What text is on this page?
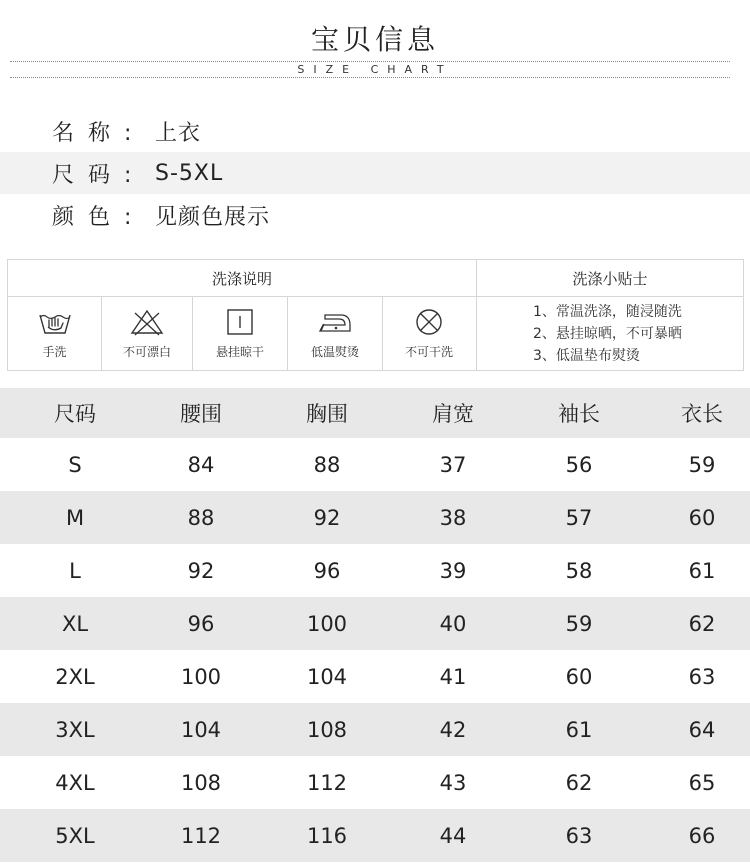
宝贝信息
SIZE CHART
名称: 上衣
尺码: S-5XL
颜色: 见颜色展示
洗涤说明
手洗	不可漂白	悬挂晾干	低温熨烫	不可干洗
洗涤小贴士
1、常温洗涤，随浸随洗
2、悬挂晾晒，不可暴晒
3、低温垫布熨烫
尺码	腰围	胸围	肩宽	袖长	衣长
S	84	88	37	56	59
M	88	92	38	57	60
L	92	96	39	58	61
XL	96	100	40	59	62
2XL	100	104	41	60	63
3XL	104	108	42	61	64
4XL	108	112	43	62	65
5XL	112	116	44	63	66
